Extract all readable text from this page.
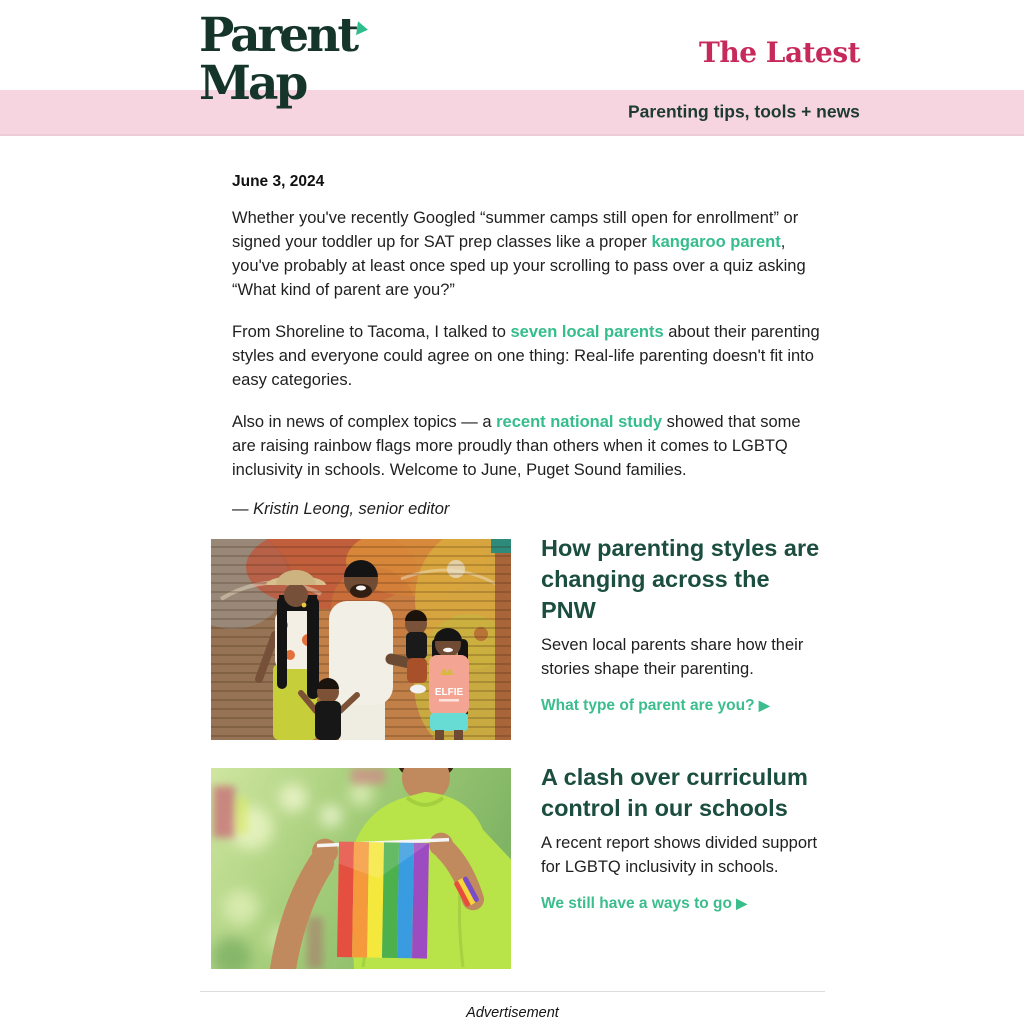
Parent
Map
The Latest
Parenting tips, tools + news
June 3, 2024

Whether you've recently Googled “summer camps still open for enrollment” or signed your toddler up for SAT prep classes like a proper kangaroo parent, you've probably at least once sped up your scrolling to pass over a quiz asking “What kind of parent are you?”

From Shoreline to Tacoma, I talked to seven local parents about their parenting styles and everyone could agree on one thing: Real-life parenting doesn't fit into easy categories.

Also in news of complex topics — a recent national study showed that some are raising rainbow flags more proudly than others when it comes to LGBTQ inclusivity in schools. Welcome to June, Puget Sound families.

— Kristin Leong, senior editor
ELFIE
How parenting styles are changing across the PNW
Seven local parents share how their stories shape their parenting.
What type of parent are you? ▶
A clash over curriculum control in our schools
A recent report shows divided support for LGBTQ inclusivity in schools.
We still have a ways to go ▶
Advertisement
